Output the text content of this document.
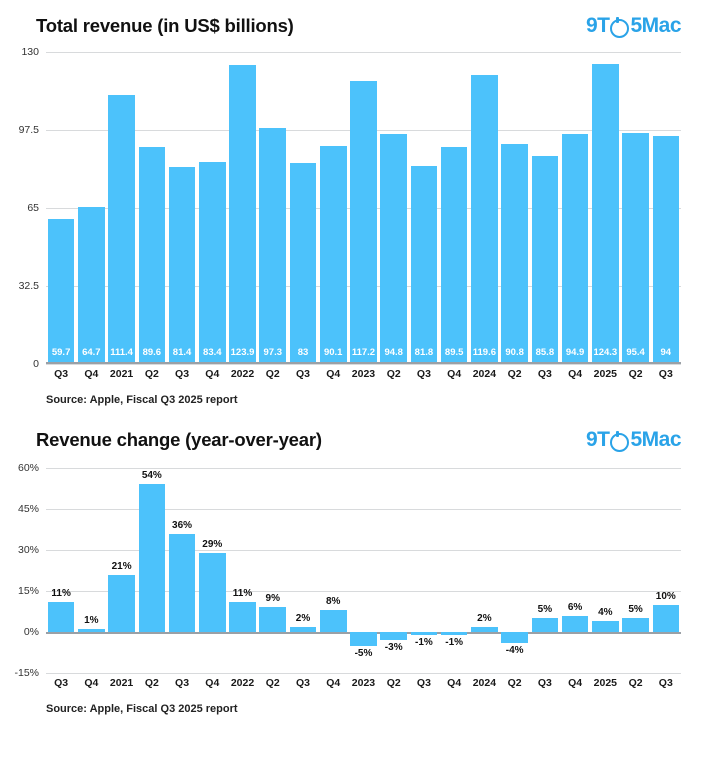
Total revenue (in US$ billions)	9T 5Mac
0
32.5
65
97.5
130
59.7	64.7	111.4	89.6	81.4	83.4 123.9 97.3	83	90.1 117.2 94.8	81.8	89.5 119.6 90.8	85.8	94.9 124.3 95.4	94
Q3	Q4	2021	Q2	Q3	Q4	2022	Q2	Q3	Q4	2023	Q2	Q3	Q4	2024	Q2	Q3	Q4	2025	Q2	Q3
Source: Apple, Fiscal Q3 2025 report
Revenue change (year-over-year)	9T 5Mac
60%
45%
30%
15%
0%
-15%
11%
1%
21%
54%
36%
29%
11%	9%
2%
8%
-5%	-3%	-1%	-1%
2%
-4%
5%	6%	4%	5%
10%
Q3	Q4	2021	Q2	Q3	Q4	2022	Q2	Q3	Q4	2023	Q2	Q3	Q4	2024	Q2	Q3	Q4	2025	Q2	Q3
Source: Apple, Fiscal Q3 2025 report
